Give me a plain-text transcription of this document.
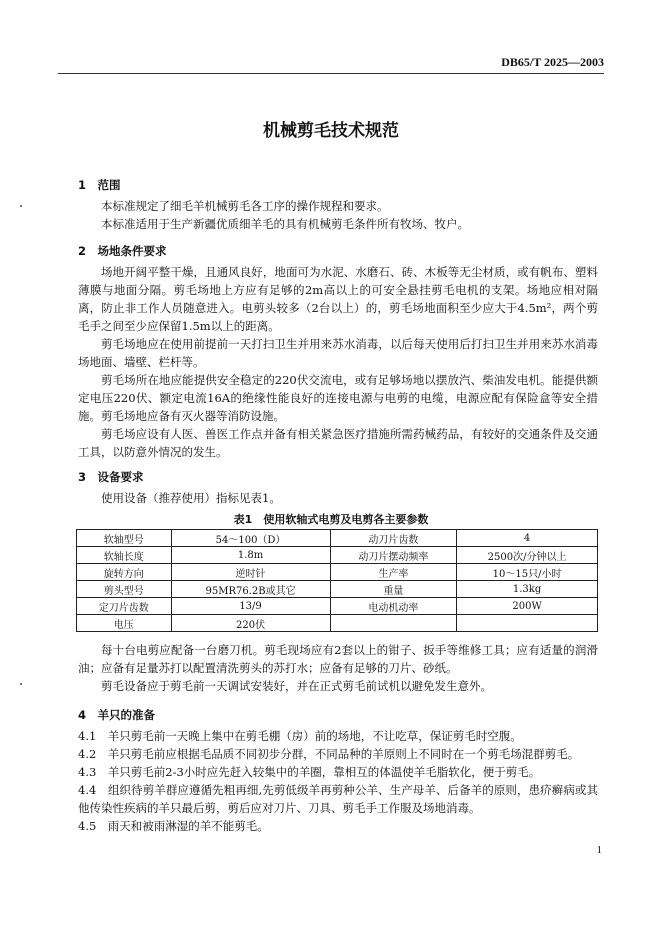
DB65/T 2025—2003
机械剪毛技术规范
1　范围

本标准规定了细毛羊机械剪毛各工序的操作规程和要求。

本标准适用于生产新疆优质细羊毛的具有机械剪毛条件所有牧场、牧户。

2　场地条件要求

场地开阔平整干燥，且通风良好，地面可为水泥、水磨石、砖、木板等无尘材质，或有帆布、塑料薄膜与地面分隔。剪毛场地上方应有足够的2m高以上的可安全悬挂剪毛电机的支架。场地应相对隔离，防止非工作人员随意进入。电剪头较多（2台以上）的，剪毛场地面积至少应大于4.5m²，两个剪毛手之间至少应保留1.5m以上的距离。

剪毛场地应在使用前提前一天打扫卫生并用来苏水消毒，以后每天使用后打扫卫生并用来苏水消毒场地面、墙壁、栏杆等。

剪毛场所在地应能提供安全稳定的220伏交流电，或有足够场地以摆放汽、柴油发电机。能提供额定电压220伏、额定电流16A的绝缘性能良好的连接电源与电剪的电缆，电源应配有保险盒等安全措施。剪毛场地应备有灭火器等消防设施。

剪毛场应设有人医、兽医工作点并备有相关紧急医疗措施所需药械药品，有较好的交通条件及交通工具，以防意外情况的发生。

3　设备要求

使用设备（推荐使用）指标见表1。

表1　使用软轴式电剪及电剪各主要参数
软轴型号	54～100（D）	动刀片齿数	4
软轴长度	1.8m	动刀片摆动频率	2500次/分钟以上
旋转方向	逆时针	生产率	10～15只/小时
剪头型号	95MR76.2B或其它	重量	1.3kg
定刀片齿数	13/9	电动机动率	200W
电压	220伏		

每十台电剪应配备一台磨刀机。剪毛现场应有2套以上的钳子、扳手等维修工具；应有适量的润滑油；应备有足量苏打以配置清洗剪头的苏打水；应备有足够的刀片、砂纸。

剪毛设备应于剪毛前一天调试安装好，并在正式剪毛前试机以避免发生意外。

4　羊只的准备

4.1　羊只剪毛前一天晚上集中在剪毛棚（房）前的场地，不让吃草，保证剪毛时空腹。

4.2　羊只剪毛前应根据毛品质不同初步分群，不同品种的羊原则上不同时在一个剪毛场混群剪毛。

4.3　羊只剪毛前2-3小时应先赶入较集中的羊圈，靠相互的体温使羊毛脂软化，便于剪毛。

4.4　组织待剪羊群应遵循先粗再细,先剪低级羊再剪种公羊、生产母羊、后备羊的原则，患疥癣病或其他传染性疾病的羊只最后剪，剪后应对刀片、刀具、剪毛手工作服及场地消毒。

4.5　雨天和被雨淋湿的羊不能剪毛。

1
